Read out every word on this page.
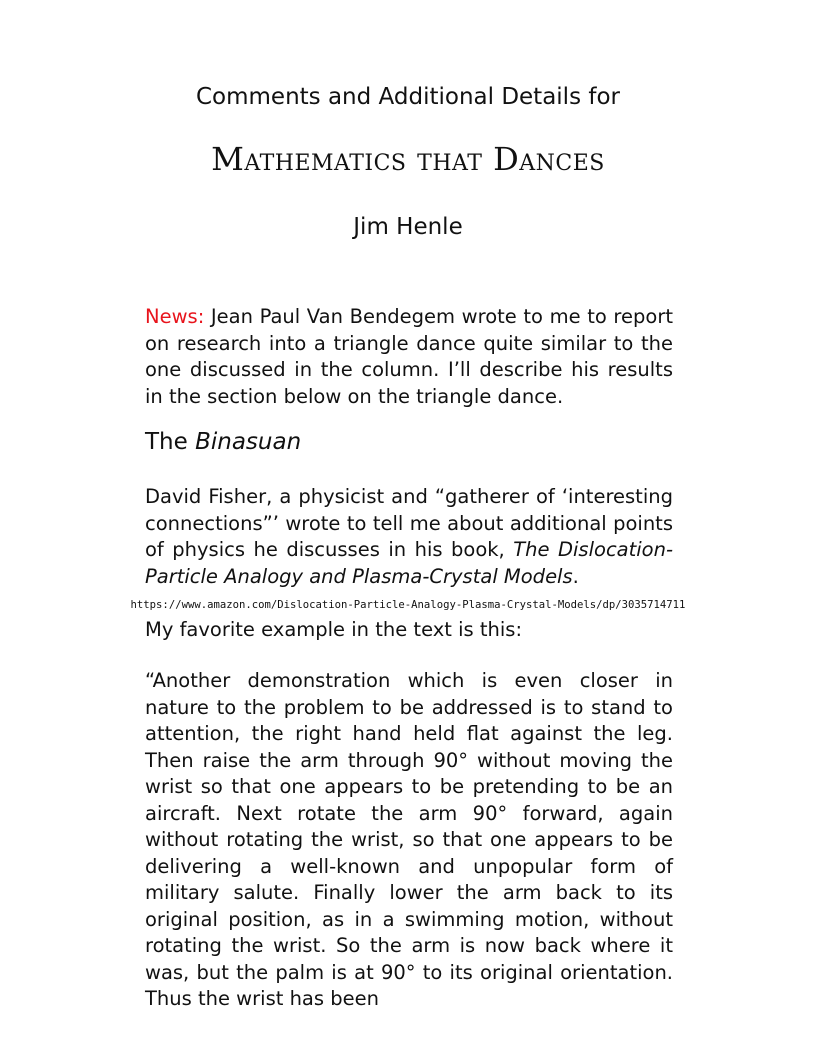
Comments and Additional Details for
Mathematics that Dances
Jim Henle

News: Jean Paul Van Bendegem wrote to me to report on research into a triangle dance quite similar to the one discussed in the column. I’ll describe his results in the section below on the triangle dance.

The Binasuan

David Fisher, a physicist and “gatherer of ‘interesting connections”’ wrote to tell me about additional points of physics he discusses in his book, The Dislocation-Particle Analogy and Plasma-Crystal Models.

https://www.amazon.com/Dislocation-Particle-Analogy-Plasma-Crystal-Models/dp/3035714711

My favorite example in the text is this:

“Another demonstration which is even closer in nature to the problem to be addressed is to stand to attention, the right hand held flat against the leg. Then raise the arm through 90° without moving the wrist so that one appears to be pretending to be an aircraft. Next rotate the arm 90° forward, again without rotating the wrist, so that one appears to be delivering a well-known and unpopular form of military salute. Finally lower the arm back to its original position, as in a swimming motion, without rotating the wrist. So the arm is now back where it was, but the palm is at 90° to its original orientation. Thus the wrist has been
